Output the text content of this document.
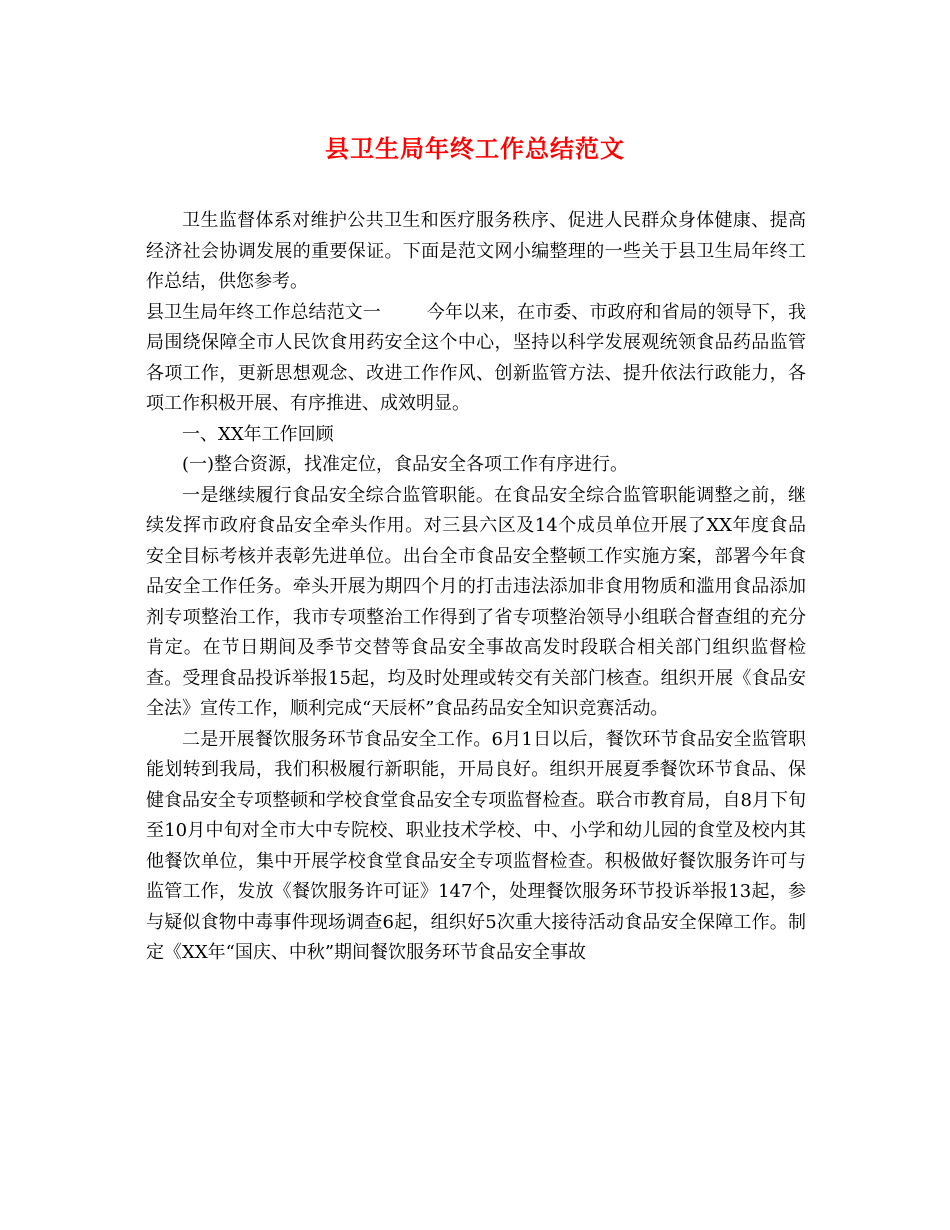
县卫生局年终工作总结范文

卫生监督体系对维护公共卫生和医疗服务秩序、促进人民群众身体健康、提高经济社会协调发展的重要保证。下面是范文网小编整理的一些关于县卫生局年终工作总结，供您参考。

县卫生局年终工作总结范文一	今年以来，在市委、市政府和省局的领导下，我局围绕保障全市人民饮食用药安全这个中心，坚持以科学发展观统领食品药品监管各项工作，更新思想观念、改进工作作风、创新监管方法、提升依法行政能力，各项工作积极开展、有序推进、成效明显。

一、XX年工作回顾

(一)整合资源，找准定位，食品安全各项工作有序进行。

一是继续履行食品安全综合监管职能。在食品安全综合监管职能调整之前，继续发挥市政府食品安全牵头作用。对三县六区及14个成员单位开展了XX年度食品安全目标考核并表彰先进单位。出台全市食品安全整顿工作实施方案，部署今年食品安全工作任务。牵头开展为期四个月的打击违法添加非食用物质和滥用食品添加剂专项整治工作，我市专项整治工作得到了省专项整治领导小组联合督查组的充分肯定。在节日期间及季节交替等食品安全事故高发时段联合相关部门组织监督检查。受理食品投诉举报15起，均及时处理或转交有关部门核查。组织开展《食品安全法》宣传工作，顺利完成“天辰杯”食品药品安全知识竞赛活动。

二是开展餐饮服务环节食品安全工作。6月1日以后，餐饮环节食品安全监管职能划转到我局，我们积极履行新职能，开局良好。组织开展夏季餐饮环节食品、保健食品安全专项整顿和学校食堂食品安全专项监督检查。联合市教育局，自8月下旬至10月中旬对全市大中专院校、职业技术学校、中、小学和幼儿园的食堂及校内其他餐饮单位，集中开展学校食堂食品安全专项监督检查。积极做好餐饮服务许可与监管工作，发放《餐饮服务许可证》147个，处理餐饮服务环节投诉举报13起，参与疑似食物中毒事件现场调查6起，组织好5次重大接待活动食品安全保障工作。制定《XX年“国庆、中秋”期间餐饮服务环节食品安全事故
